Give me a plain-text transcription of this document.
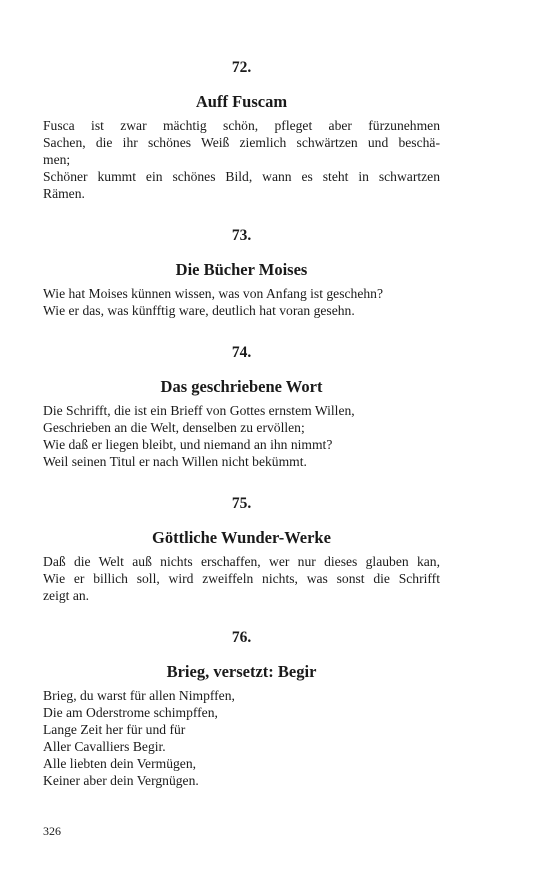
72.

Auff Fuscam
Fusca ist zwar mächtig schön, pfleget aber fürzunehmen
Sachen, die ihr schönes Weiß ziemlich schwärtzen und beschä-
men;
Schöner kummt ein schönes Bild, wann es steht in schwartzen
Rämen.

73.

Die Bücher Moises
Wie hat Moises künnen wissen, was von Anfang ist geschehn?
Wie er das, was künfftig ware, deutlich hat voran gesehn.

74.

Das geschriebene Wort
Die Schrifft, die ist ein Brieff von Gottes ernstem Willen,
Geschrieben an die Welt, denselben zu ervöllen;
Wie daß er liegen bleibt, und niemand an ihn nimmt?
Weil seinen Titul er nach Willen nicht bekümmt.

75.

Göttliche Wunder-Werke
Daß die Welt auß nichts erschaffen, wer nur dieses glauben kan,
Wie er billich soll, wird zweiffeln nichts, was sonst die Schrifft
zeigt an.

76.

Brieg, versetzt: Begir
Brieg, du warst für allen Nimpffen,
Die am Oderstrome schimpffen,
Lange Zeit her für und für
Aller Cavalliers Begir.
Alle liebten dein Vermügen,
Keiner aber dein Vergnügen.
326
